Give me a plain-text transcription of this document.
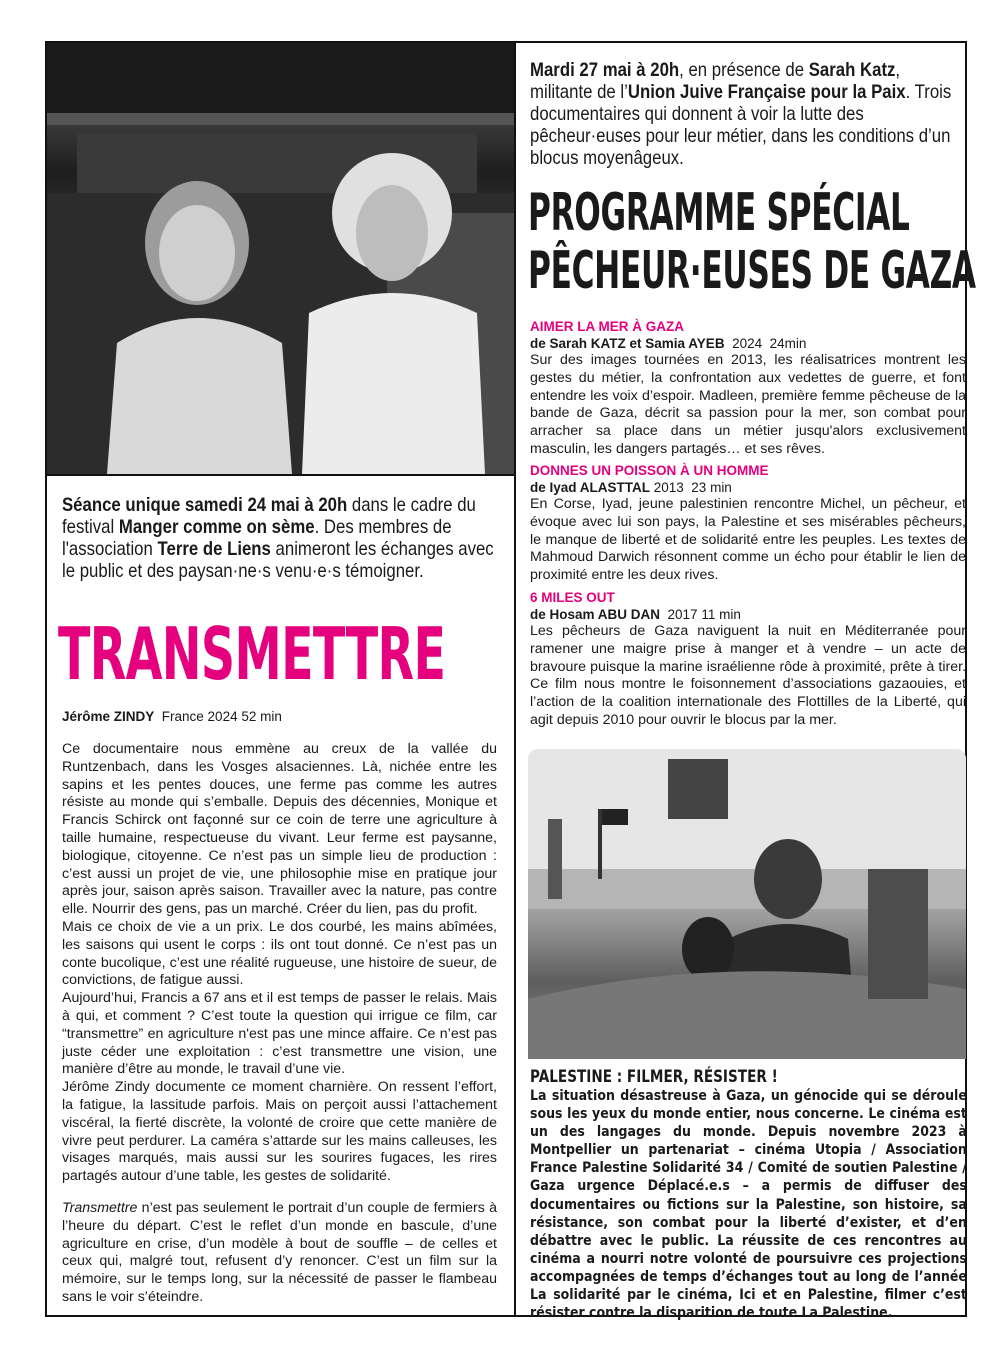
Séance unique samedi 24 mai à 20h dans le cadre du festival Manger comme on sème. Des membres de l'association Terre de Liens animeront les échanges avec le public et des paysan·ne·s venu·e·s témoigner.
TRANSMETTRE
Jérôme ZINDY  France 2024 52 min

Ce documentaire nous emmène au creux de la vallée du Runtzenbach, dans les Vosges alsaciennes. Là, nichée entre les sapins et les pentes douces, une ferme pas comme les autres résiste au monde qui s’emballe. Depuis des décennies, Monique et Francis Schirck ont façonné sur ce coin de terre une agriculture à taille humaine, respectueuse du vivant. Leur ferme est paysanne, biologique, citoyenne. Ce n’est pas un simple lieu de production : c’est aussi un projet de vie, une philosophie mise en pratique jour après jour, saison après saison. Travailler avec la nature, pas contre elle. Nourrir des gens, pas un marché. Créer du lien, pas du profit.

Mais ce choix de vie a un prix. Le dos courbé, les mains abîmées, les saisons qui usent le corps : ils ont tout donné. Ce n’est pas un conte bucolique, c’est une réalité rugueuse, une histoire de sueur, de convictions, de fatigue aussi.

Aujourd’hui, Francis a 67 ans et il est temps de passer le relais. Mais à qui, et comment ? C’est toute la question qui irrigue ce film, car “transmettre” en agriculture n'est pas une mince affaire. Ce n’est pas juste céder une exploitation : c’est transmettre une vision, une manière d’être au monde, le travail d’une vie.

Jérôme Zindy documente ce moment charnière. On ressent l’effort, la fatigue, la lassitude parfois. Mais on perçoit aussi l’attachement viscéral, la fierté discrète, la volonté de croire que cette manière de vivre peut perdurer. La caméra s’attarde sur les mains calleuses, les visages marqués, mais aussi sur les sourires fugaces, les rires partagés autour d’une table, les gestes de solidarité.

Transmettre n’est pas seulement le portrait d’un couple de fermiers à l’heure du départ. C’est le reflet d’un monde en bascule, d’une agriculture en crise, d’un modèle à bout de souffle – de celles et ceux qui, malgré tout, refusent d’y renoncer. C’est un film sur la mémoire, sur le temps long, sur la nécessité de passer le flambeau sans le voir s’éteindre.

Mardi 27 mai à 20h, en présence de Sarah Katz, militante de l’Union Juive Française pour la Paix. Trois documentaires qui donnent à voir la lutte des pêcheur·euses pour leur métier, dans les conditions d’un blocus moyenâgeux.
PROGRAMME SPÉCIAL
PÊCHEUR·EUSES DE GAZA
AIMER LA MER À GAZA
de Sarah KATZ et Samia AYEB  2024  24min
Sur des images tournées en 2013, les réalisatrices montrent les gestes du métier, la confrontation aux vedettes de guerre, et font entendre les voix d’espoir. Madleen, première femme pêcheuse de la bande de Gaza, décrit sa passion pour la mer, son combat pour arracher sa place dans un métier jusqu'alors exclusivement masculin, les dangers partagés… et ses rêves.
DONNES UN POISSON À UN HOMME
de Iyad ALASTTAL 2013  23 min
En Corse, Iyad, jeune palestinien rencontre Michel, un pêcheur, et évoque avec lui son pays, la Palestine et ses misérables pêcheurs, le manque de liberté et de solidarité entre les peuples. Les textes de Mahmoud Darwich résonnent comme un écho pour établir le lien de proximité entre les deux rives.
6 MILES OUT
de Hosam ABU DAN  2017 11 min
Les pêcheurs de Gaza naviguent la nuit en Méditerranée pour ramener une maigre prise à manger et à vendre – un acte de bravoure puisque la marine israélienne rôde à proximité, prête à tirer. Ce film nous montre le foisonnement d’associations gazaouies, et l’action de la coalition internationale des Flottilles de la Liberté, qui agit depuis 2010 pour ouvrir le blocus par la mer.
PALESTINE : FILMER, RÉSISTER !
La situation désastreuse à Gaza, un génocide qui se déroule sous les yeux du monde entier, nous concerne. Le cinéma est un des langages du monde. Depuis novembre 2023 à Montpellier un partenariat – cinéma Utopia / Association France Palestine Solidarité 34 / Comité de soutien Palestine / Gaza urgence Déplacé.e.s – a permis de diffuser des documentaires ou fictions sur la Palestine, son histoire, sa résistance, son combat pour la liberté d’exister, et d’en débattre avec le public. La réussite de ces rencontres au cinéma a nourri notre volonté de poursuivre ces projections accompagnées de temps d’échanges tout au long de l’année La solidarité par le cinéma, Ici et en Palestine, filmer c’est résister contre la disparition de toute La Palestine.
